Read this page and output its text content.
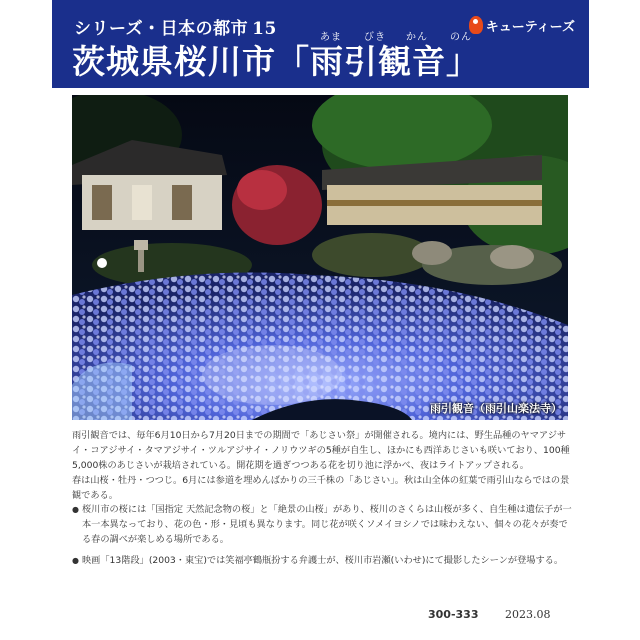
シリーズ・日本の都市 15	あま びき かん のん
茨城県桜川市「雨引観音」
キューティーズ
雨引観音（雨引山楽法寺）

雨引観音では、毎年6月10日から7月20日までの期間で「あじさい祭」が開催される。境内には、野生品種のヤマアジサイ・コアジサイ・タマアジサイ・ツルアジサイ・ノリウツギの5種が自生し、ほかにも西洋あじさいも咲いており、100種5,000株のあじさいが栽培されている。開花期を過ぎつつある花を切り池に浮かべ、夜はライトアップされる。

春は山桜・牡丹・つつじ。6月には参道を埋めんばかりの三千株の「あじさい」。秋は山全体の紅葉で雨引山ならではの景観である。

● 桜川市の桜には「国指定 天然記念物の桜」と「絶景の山桜」があり、桜川のさくらは山桜が多く、自生種は遺伝子が一本一本異なっており、花の色・形・見頃も異なります。同じ花が咲くソメイヨシノでは味わえない、個々の花々が奏でる春の調べが楽しめる場所である。
● 映画「13階段」(2003・東宝)では笑福亭鶴瓶扮する弁護士が、桜川市岩瀬(いわせ)にて撮影したシーンが登場する。
300-333 2023.08
